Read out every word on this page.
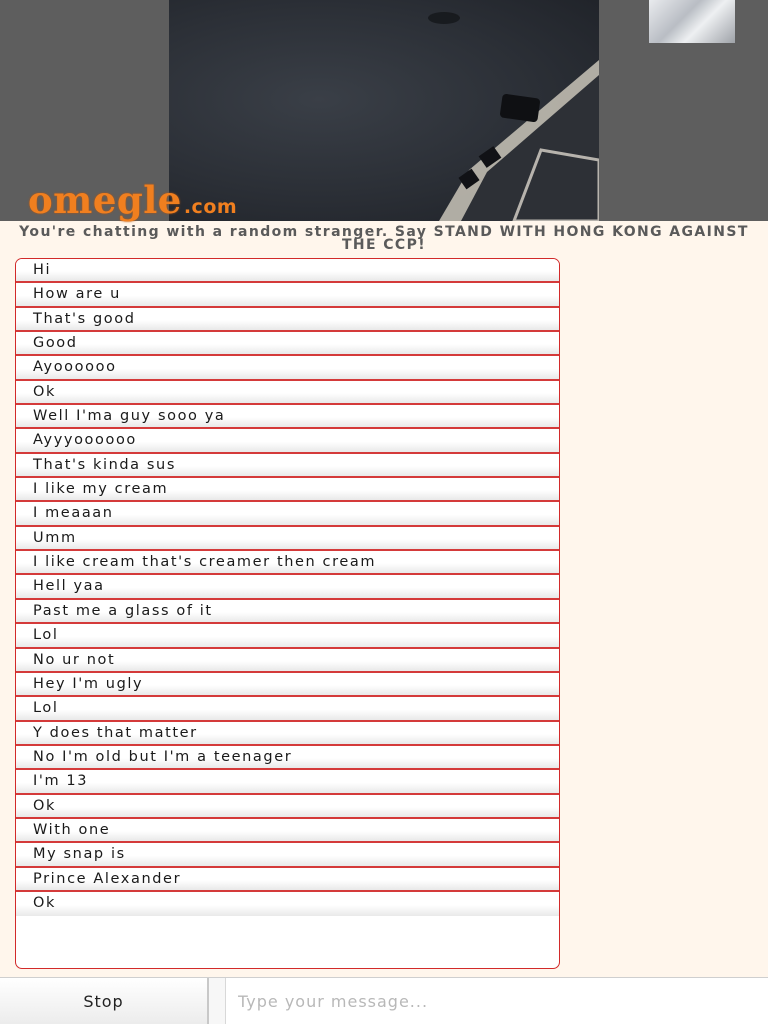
omegle .com
You're chatting with a random stranger. Say STAND WITH HONG KONG AGAINST THE CCP!
Hi
How are u
That's good
Good
Ayoooooo
Ok
Well I'ma guy sooo ya
Ayyyoooooo
That's kinda sus
I like my cream
I meaaan
Umm
I like cream that's creamer then cream
Hell yaa
Past me a glass of it
Lol
No ur not
Hey I'm ugly
Lol
Y does that matter
No I'm old but I'm a teenager
I'm 13
Ok
With one
My snap is
Prince Alexander
Ok
Stop
Type your message...
